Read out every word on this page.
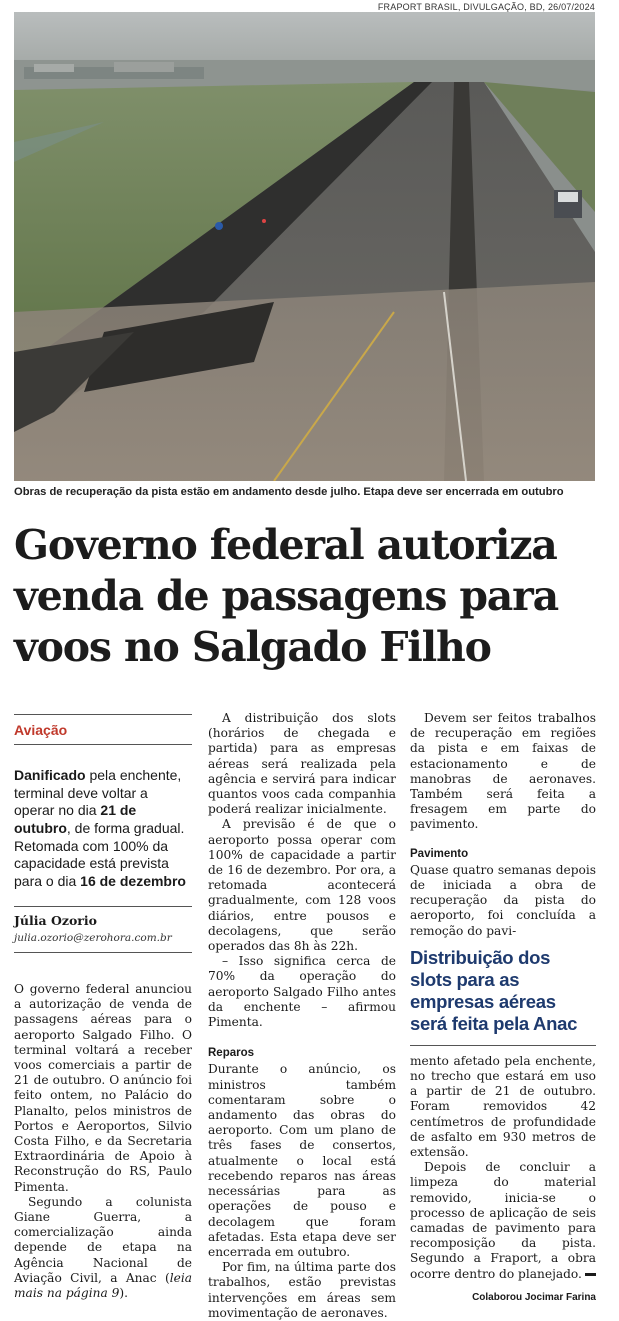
FRAPORT BRASIL, DIVULGAÇÃO, BD, 26/07/2024
Obras de recuperação da pista estão em andamento desde julho. Etapa deve ser encerrada em outubro
Governo federal autoriza venda de passagens para voos no Salgado Filho
Aviação
Danificado pela enchente, terminal deve voltar a operar no dia 21 de outubro, de forma gradual. Retomada com 100% da capacidade está prevista para o dia 16 de dezembro
Júlia Ozorio
julia.ozorio@zerohora.com.br

O governo federal anunciou a autorização de venda de passagens aéreas para o aeroporto Salgado Filho. O terminal voltará a receber voos comerciais a partir de 21 de outubro. O anúncio foi feito ontem, no Palácio do Planalto, pelos ministros de Portos e Aeroportos, Silvio Costa Filho, e da Secretaria Extraordinária de Apoio à Reconstrução do RS, Paulo Pimenta.

Segundo a colunista Giane Guerra, a comercialização ainda depende de etapa na Agência Nacional de Aviação Civil, a Anac (leia mais na página 9).

A distribuição dos slots (horários de chegada e partida) para as empresas aéreas será realizada pela agência e servirá para indicar quantos voos cada companhia poderá realizar inicialmente.

A previsão é de que o aeroporto possa operar com 100% de capacidade a partir de 16 de dezembro. Por ora, a retomada acontecerá gradualmente, com 128 voos diários, entre pousos e decolagens, que serão operados das 8h às 22h.

– Isso significa cerca de 70% da operação do aeroporto Salgado Filho antes da enchente – afirmou Pimenta.

Reparos

Durante o anúncio, os ministros também comentaram sobre o andamento das obras do aeroporto. Com um plano de três fases de consertos, atualmente o local está recebendo reparos nas áreas necessárias para as operações de pouso e decolagem que foram afetadas. Esta etapa deve ser encerrada em outubro.

Por fim, na última parte dos trabalhos, estão previstas intervenções em áreas sem movimentação de aeronaves.

Devem ser feitos trabalhos de recuperação em regiões da pista e em faixas de estacionamento e de manobras de aeronaves. Também será feita a fresagem em parte do pavimento.

Pavimento

Quase quatro semanas depois de iniciada a obra de recuperação da pista do aeroporto, foi concluída a remoção do pavi-

Distribuição dos slots para as empresas aéreas será feita pela Anac

mento afetado pela enchente, no trecho que estará em uso a partir de 21 de outubro. Foram removidos 42 centímetros de profundidade de asfalto em 930 metros de extensão.

Depois de concluir a limpeza do material removido, inicia-se o processo de aplicação de seis camadas de pavimento para recomposição da pista. Segundo a Fraport, a obra ocorre dentro do planejado.

Colaborou Jocimar Farina
